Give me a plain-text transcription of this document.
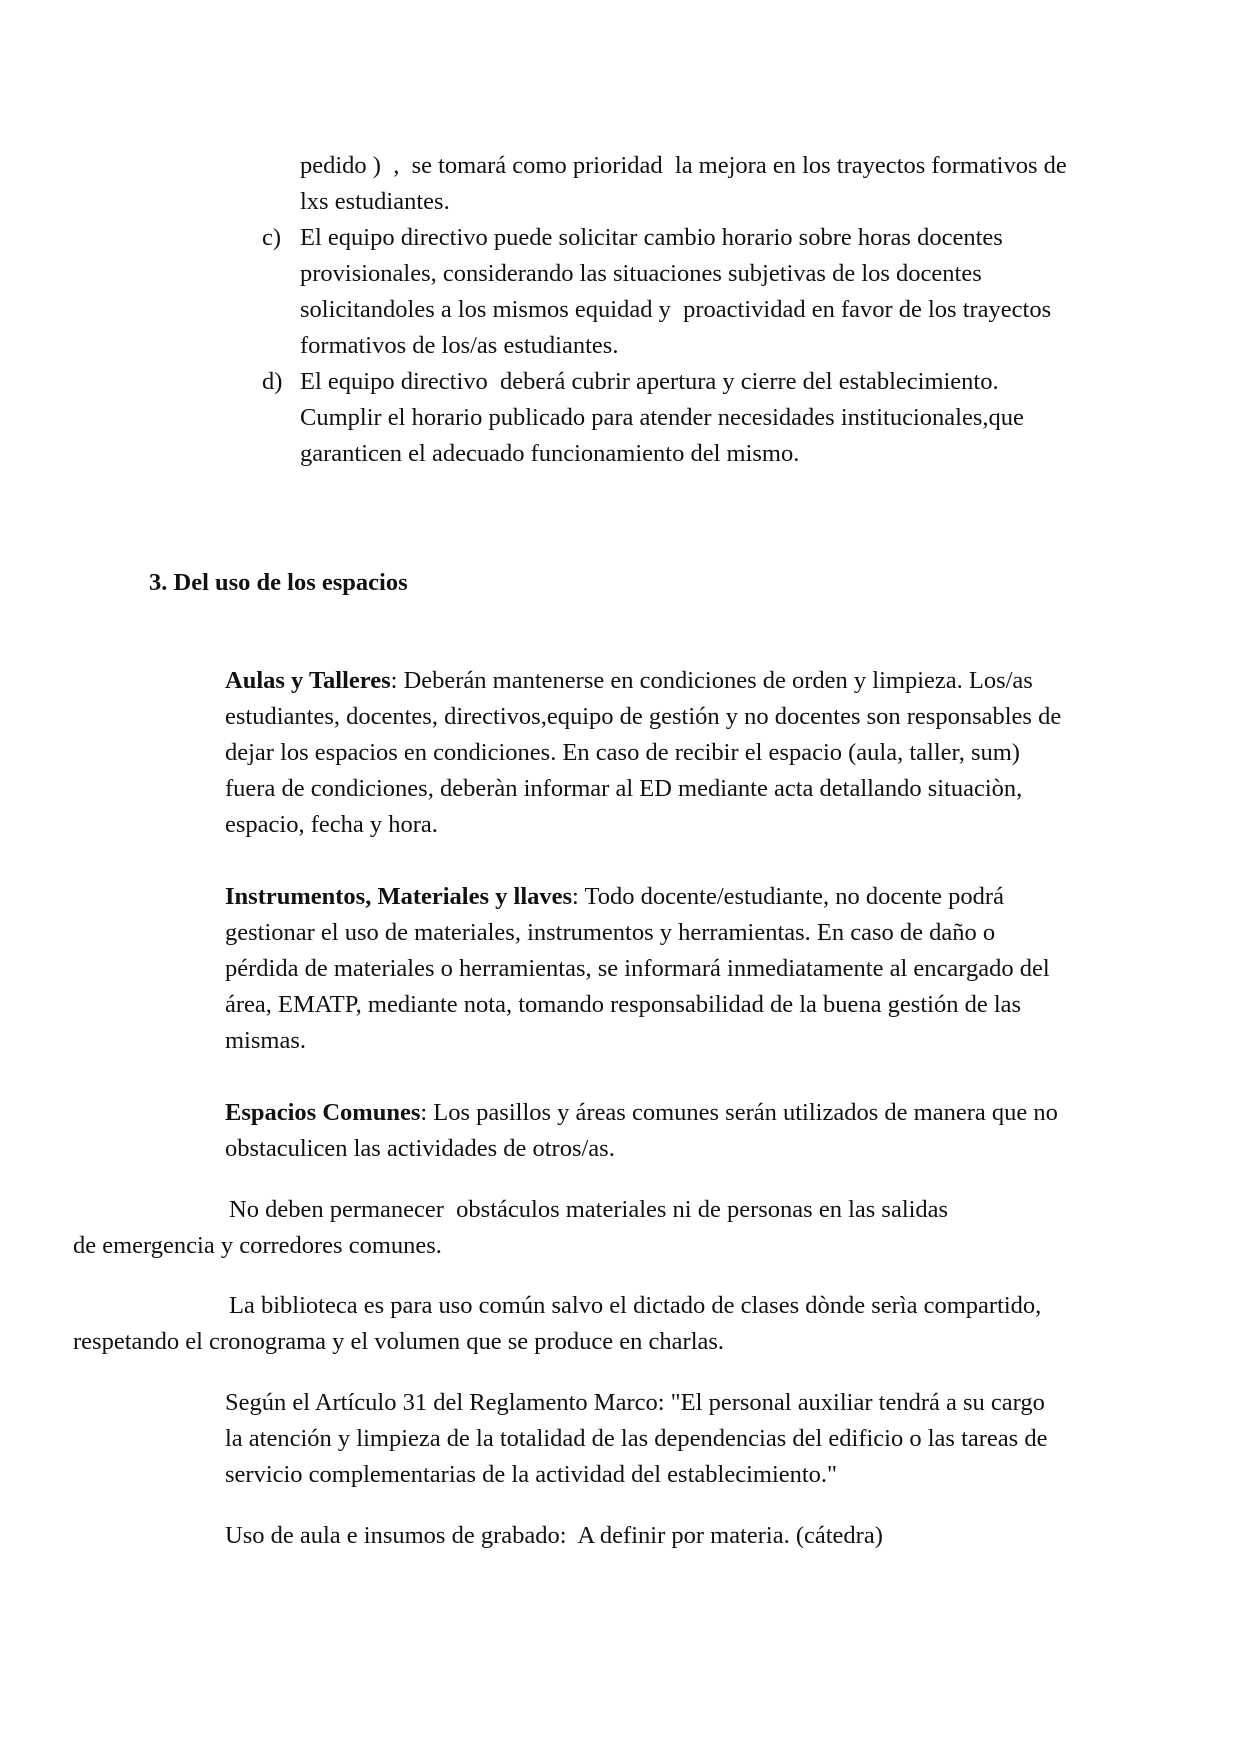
pedido )  ,  se tomará como prioridad  la mejora en los trayectos formativos de
lxs estudiantes.
c) El equipo directivo puede solicitar cambio horario sobre horas docentes
provisionales, considerando las situaciones subjetivas de los docentes
solicitandoles a los mismos equidad y  proactividad en favor de los trayectos
formativos de los/as estudiantes.
d) El equipo directivo  deberá cubrir apertura y cierre del establecimiento.
Cumplir el horario publicado para atender necesidades institucionales,que
garanticen el adecuado funcionamiento del mismo.
3. Del uso de los espacios
Aulas y Talleres: Deberán mantenerse en condiciones de orden y limpieza. Los/as
estudiantes, docentes, directivos,equipo de gestión y no docentes son responsables de
dejar los espacios en condiciones. En caso de recibir el espacio (aula, taller, sum)
fuera de condiciones, deberàn informar al ED mediante acta detallando situaciòn,
espacio, fecha y hora.
Instrumentos, Materiales y llaves: Todo docente/estudiante, no docente podrá
gestionar el uso de materiales, instrumentos y herramientas. En caso de daño o
pérdida de materiales o herramientas, se informará inmediatamente al encargado del
área, EMATP, mediante nota, tomando responsabilidad de la buena gestión de las
mismas.
Espacios Comunes: Los pasillos y áreas comunes serán utilizados de manera que no
obstaculicen las actividades de otros/as.
No deben permanecer  obstáculos materiales ni de personas en las salidas
de emergencia y corredores comunes.
La biblioteca es para uso común salvo el dictado de clases dònde serìa compartido,
respetando el cronograma y el volumen que se produce en charlas.
Según el Artículo 31 del Reglamento Marco: "El personal auxiliar tendrá a su cargo
la atención y limpieza de la totalidad de las dependencias del edificio o las tareas de
servicio complementarias de la actividad del establecimiento."
Uso de aula e insumos de grabado:  A definir por materia. (cátedra)
